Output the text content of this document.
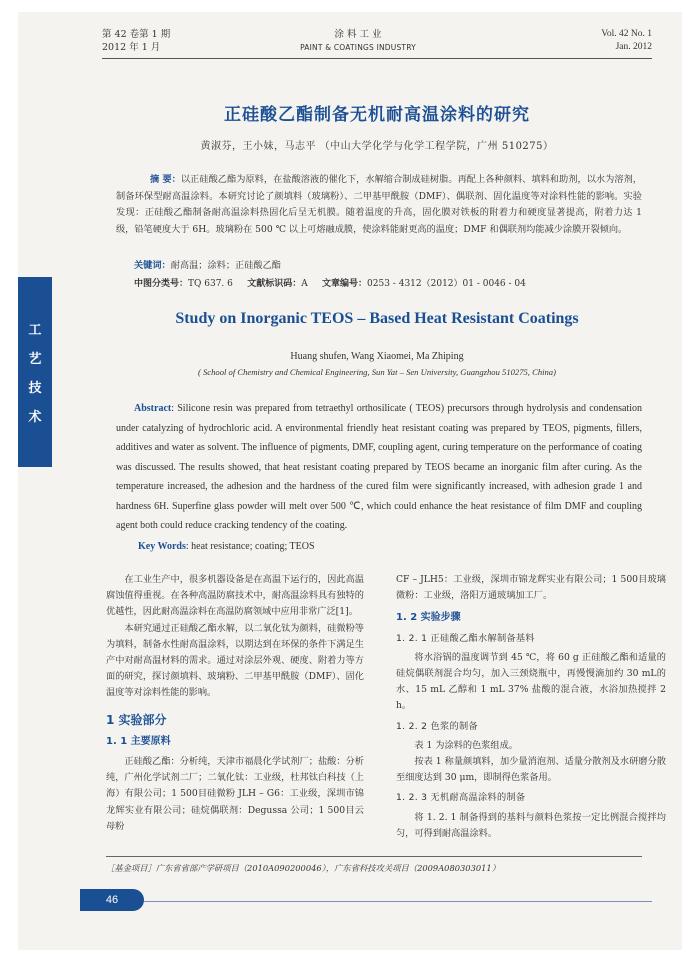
第 42 卷第 1 期
2012 年 1 月
涂 料 工 业
PAINT & COATINGS INDUSTRY
Vol. 42 No. 1
Jan. 2012
工
艺
技
术
正硅酸乙酯制备无机耐高温涂料的研究
黄淑芬，王小妹，马志平 （中山大学化学与化学工程学院，广州 510275）
摘 要：以正硅酸乙酯为原料，在盐酸溶液的催化下，水解缩合制成硅树脂。再配上各种颜料、填料和助剂，以水为溶剂，制备环保型耐高温涂料。本研究讨论了颜填料（玻璃粉）、二甲基甲酰胺（DMF）、偶联剂、固化温度等对涂料性能的影响。实验发现：正硅酸乙酯制备耐高温涂料热固化后呈无机膜。随着温度的升高，固化膜对铁板的附着力和硬度显著提高，附着力达 1 级，铅笔硬度大于 6H。玻璃粉在 500 ℃ 以上可熔融成膜，使涂料能耐更高的温度；DMF 和偶联剂均能减少涂膜开裂倾向。
关键词：耐高温；涂料；正硅酸乙酯
中图分类号：TQ 637. 6 文献标识码：A 文章编号：0253 - 4312（2012）01 - 0046 - 04
Study on Inorganic TEOS – Based Heat Resistant Coatings
Huang shufen, Wang Xiaomei, Ma Zhiping
( School of Chemistry and Chemical Engineering, Sun Yat – Sen University, Guangzhou 510275, China)
Abstract: Silicone resin was prepared from tetraethyl orthosilicate ( TEOS) precursors through hydrolysis and condensation under catalyzing of hydrochloric acid. A environmental friendly heat resistant coating was prepared by TEOS, pigments, fillers, additives and water as solvent. The influence of pigments, DMF, coupling agent, curing temperature on the performance of coating was discussed. The results showed, that heat resistant coating prepared by TEOS became an inorganic film after curing. As the temperature increased, the adhesion and the hardness of the cured film were significantly increased, with adhesion grade 1 and hardness 6H. Superfine glass powder will melt over 500 ℃, which could enhance the heat resistance of film DMF and coupling agent both could reduce cracking tendency of the coating.
Key Words: heat resistance; coating; TEOS

在工业生产中，很多机器设备是在高温下运行的，因此高温腐蚀值得重视。在各种高温防腐技术中，耐高温涂料具有独特的优越性，因此耐高温涂料在高温防腐领域中应用非常广泛[1]。

本研究通过正硅酸乙酯水解，以二氧化钛为颜料，硅微粉等为填料，制备水性耐高温涂料，以期达到在环保的条件下满足生产中对耐高温材料的需求。通过对涂层外观、硬度、附着力等方面的研究，探讨颜填料、玻璃粉、二甲基甲酰胺（DMF）、固化温度等对涂料性能的影响。

1 实验部分
1. 1 主要原料

正硅酸乙酯：分析纯，天津市福晨化学试剂厂；盐酸：分析纯，广州化学试剂二厂；二氧化钛：工业级，杜邦钛白科技（上海）有限公司；1 500目硅微粉 JLH – G6：工业级，深圳市锦龙辉实业有限公司；硅烷偶联剂：Degussa 公司；1 500目云母粉

CF – JLH5：工业级，深圳市锦龙辉实业有限公司；1 500目玻璃微粉：工业级，洛阳万通玻璃加工厂。

1. 2 实验步骤
1. 2. 1 正硅酸乙酯水解制备基料

将水浴锅的温度调节到 45 ℃，将 60 g 正硅酸乙酯和适量的硅烷偶联剂混合均匀，加入三颈烧瓶中，再慢慢滴加约 30 mL的水、15 mL 乙醇和 1 mL 37% 盐酸的混合液，水浴加热搅拌 2 h。

1. 2. 2 色浆的制备

表 1 为涂料的色浆组成。

按表 1 称量颜填料，加少量消泡剂、适量分散剂及水研磨分散至细度达到 30 μm，即制得色浆备用。

1. 2. 3 无机耐高温涂料的制备

将 1. 2. 1 制备得到的基料与颜料色浆按一定比例混合搅拌均匀，可得到耐高温涂料。

［基金项目］广东省省部产学研项目（2010A090200046），广东省科技攻关项目（2009A080303011）
46
